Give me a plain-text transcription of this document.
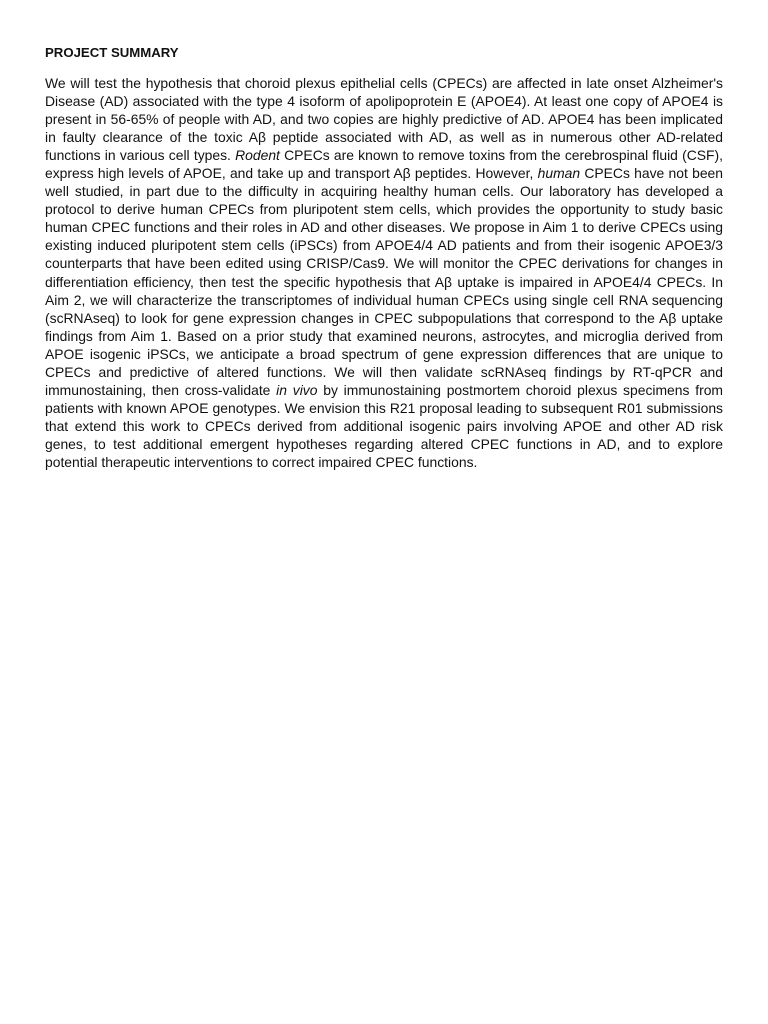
PROJECT SUMMARY

We will test the hypothesis that choroid plexus epithelial cells (CPECs) are affected in late onset Alzheimer's Disease (AD) associated with the type 4 isoform of apolipoprotein E (APOE4). At least one copy of APOE4 is present in 56-65% of people with AD, and two copies are highly predictive of AD. APOE4 has been implicated in faulty clearance of the toxic Aβ peptide associated with AD, as well as in numerous other AD-related functions in various cell types. Rodent CPECs are known to remove toxins from the cerebrospinal fluid (CSF), express high levels of APOE, and take up and transport Aβ peptides. However, human CPECs have not been well studied, in part due to the difficulty in acquiring healthy human cells. Our laboratory has developed a protocol to derive human CPECs from pluripotent stem cells, which provides the opportunity to study basic human CPEC functions and their roles in AD and other diseases. We propose in Aim 1 to derive CPECs using existing induced pluripotent stem cells (iPSCs) from APOE4/4 AD patients and from their isogenic APOE3/3 counterparts that have been edited using CRISP/Cas9. We will monitor the CPEC derivations for changes in differentiation efficiency, then test the specific hypothesis that Aβ uptake is impaired in APOE4/4 CPECs. In Aim 2, we will characterize the transcriptomes of individual human CPECs using single cell RNA sequencing (scRNAseq) to look for gene expression changes in CPEC subpopulations that correspond to the Aβ uptake findings from Aim 1. Based on a prior study that examined neurons, astrocytes, and microglia derived from APOE isogenic iPSCs, we anticipate a broad spectrum of gene expression differences that are unique to CPECs and predictive of altered functions. We will then validate scRNAseq findings by RT-qPCR and immunostaining, then cross-validate in vivo by immunostaining postmortem choroid plexus specimens from patients with known APOE genotypes. We envision this R21 proposal leading to subsequent R01 submissions that extend this work to CPECs derived from additional isogenic pairs involving APOE and other AD risk genes, to test additional emergent hypotheses regarding altered CPEC functions in AD, and to explore potential therapeutic interventions to correct impaired CPEC functions.
